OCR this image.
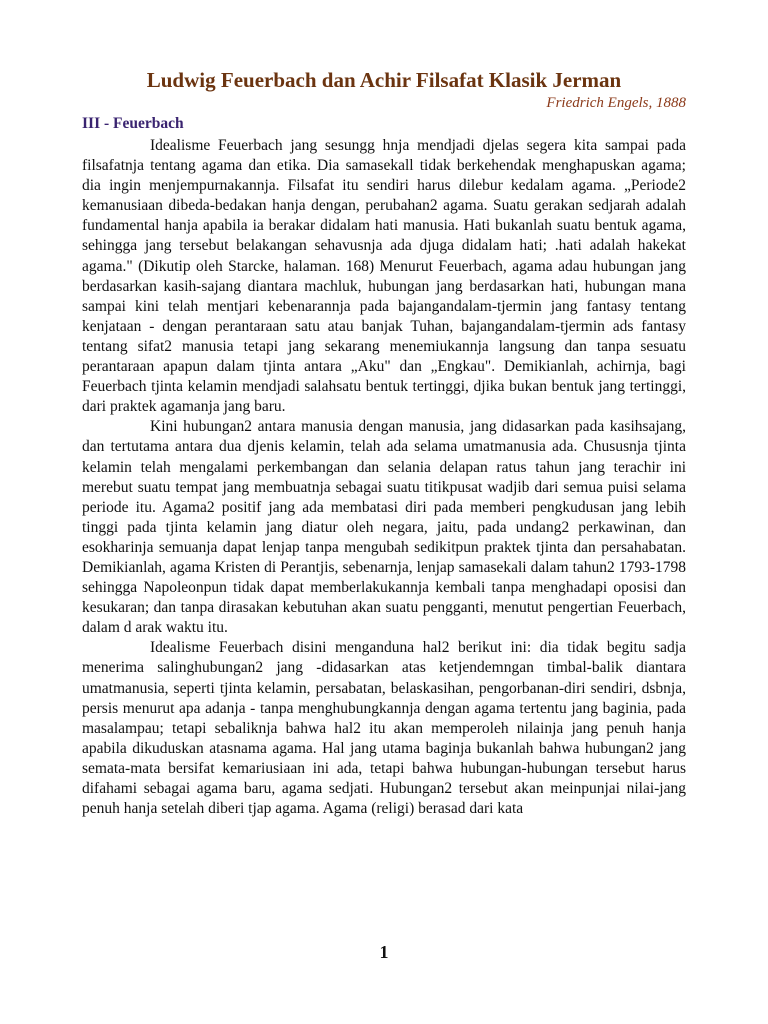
Ludwig Feuerbach dan Achir Filsafat Klasik Jerman
Friedrich Engels, 1888
III - Feuerbach

Idealisme Feuerbach jang sesungg hnja mendjadi djelas segera kita sampai pada filsafatnja tentang agama dan etika. Dia samasekall tidak berkehendak menghapuskan agama; dia ingin menjempurnakannja. Filsafat itu sendiri harus dilebur kedalam agama. „Periode2 kemanusiaan dibeda-bedakan hanja dengan, perubahan2 agama. Suatu gerakan sedjarah adalah fundamental hanja apabila ia berakar didalam hati manusia. Hati bukanlah suatu bentuk agama, sehingga jang tersebut belakangan sehavusnja ada djuga didalam hati; .hati adalah hakekat agama." (Dikutip oleh Starcke, halaman. 168) Menurut Feuerbach, agama adau hubungan jang berdasarkan kasih-sajang diantara machluk, hubungan jang berdasarkan hati, hubungan mana sampai kini telah mentjari kebenarannja pada bajangandalam-tjermin jang fantasy tentang kenjataan - dengan perantaraan satu atau banjak Tuhan, bajangandalam-tjermin ads fantasy tentang sifat2 manusia tetapi jang sekarang menemiukannja langsung dan tanpa sesuatu perantaraan apapun dalam tjinta antara „Aku" dan „Engkau". Demikianlah, achirnja, bagi Feuerbach tjinta kelamin mendjadi salahsatu bentuk tertinggi, djika bukan bentuk jang tertinggi, dari praktek agamanja jang baru.

Kini hubungan2 antara manusia dengan manusia, jang didasarkan pada kasihsajang, dan tertutama antara dua djenis kelamin, telah ada selama umatmanusia ada. Chususnja tjinta kelamin telah mengalami perkembangan dan selania delapan ratus tahun jang terachir ini merebut suatu tempat jang membuatnja sebagai suatu titikpusat wadjib dari semua puisi selama periode itu. Agama2 positif jang ada membatasi diri pada memberi pengkudusan jang lebih tinggi pada tjinta kelamin jang diatur oleh negara, jaitu, pada undang2 perkawinan, dan esokharinja semuanja dapat lenjap tanpa mengubah sedikitpun praktek tjinta dan persahabatan. Demikianlah, agama Kristen di Perantjis, sebenarnja, lenjap samasekali dalam tahun2 1793-1798 sehingga Napoleonpun tidak dapat memberlakukannja kembali tanpa menghadapi oposisi dan kesukaran; dan tanpa dirasakan kebutuhan akan suatu pengganti, menutut pengertian Feuerbach, dalam d arak waktu itu.

Idealisme Feuerbach disini menganduna hal2 berikut ini: dia tidak begitu sadja menerima salinghubungan2 jang -didasarkan atas ketjendemngan timbal-balik diantara umatmanusia, seperti tjinta kelamin, persabatan, belaskasihan, pengorbanan-diri sendiri, dsbnja, persis menurut apa adanja - tanpa menghubungkannja dengan agama tertentu jang baginia, pada masalampau; tetapi sebaliknja bahwa hal2 itu akan memperoleh nilainja jang penuh hanja apabila dikuduskan atasnama agama. Hal jang utama baginja bukanlah bahwa hubungan2 jang semata-mata bersifat kemariusiaan ini ada, tetapi bahwa hubungan-hubungan tersebut harus difahami sebagai agama baru, agama sedjati. Hubungan2 tersebut akan meinpunjai nilai-jang penuh hanja setelah diberi tjap agama. Agama (religi) berasad dari kata

1
